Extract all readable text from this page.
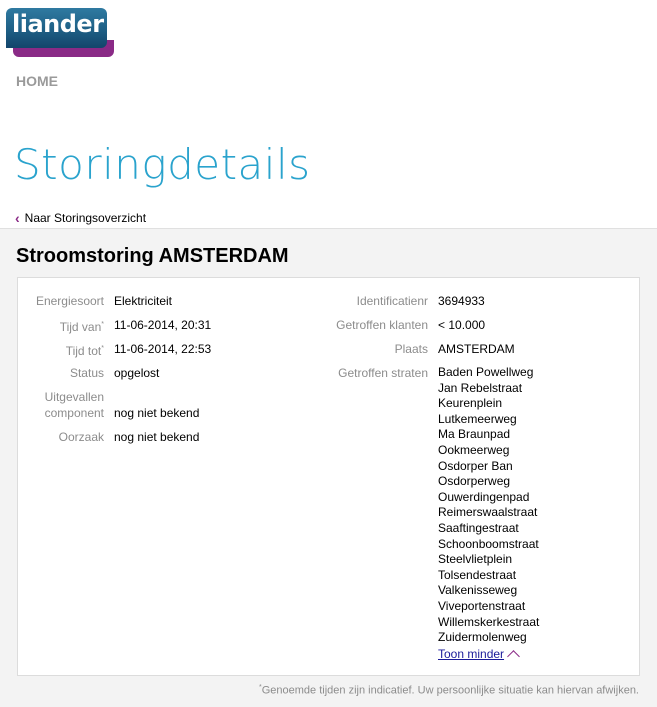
liander
HOME
Storingdetails
‹ Naar Storingsoverzicht
Stroomstoring AMSTERDAM
Energiesoort Elektriciteit
Tijd van* 11-06-2014, 20:31
Tijd tot* 11-06-2014, 22:53
Status opgelost
Uitgevallen
component nog niet bekend
Oorzaak nog niet bekend
Identificatienr 3694933
Getroffen klanten < 10.000
Plaats AMSTERDAM
Getroffen straten Baden Powellweg
Jan Rebelstraat
Keurenplein
Lutkemeerweg
Ma Braunpad
Ookmeerweg
Osdorper Ban
Osdorperweg
Ouwerdingenpad
Reimerswaalstraat
Saaftingestraat
Schoonboomstraat
Steelvlietplein
Tolsendestraat
Valkenisseweg
Viveportenstraat
Willemskerkestraat
Zuidermolenweg
Toon minder
*Genoemde tijden zijn indicatief. Uw persoonlijke situatie kan hiervan afwijken.
